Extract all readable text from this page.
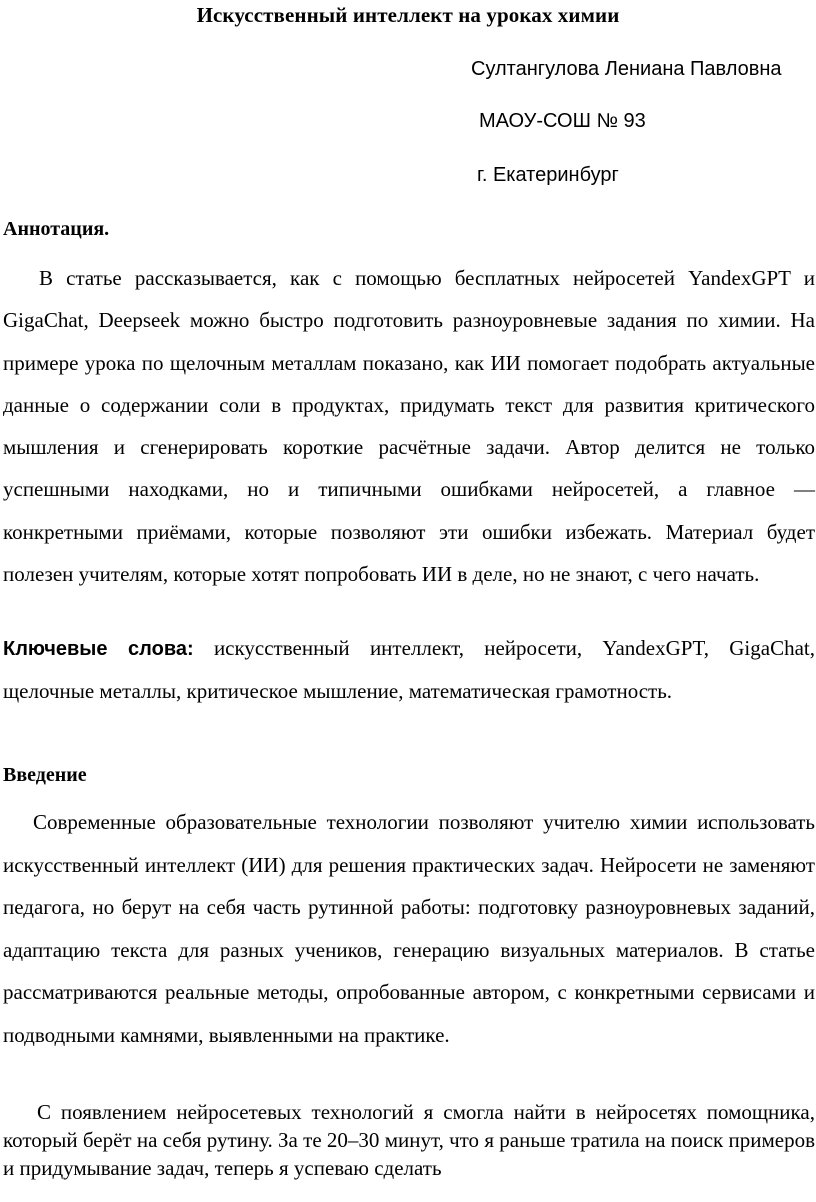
Искусственный интеллект на уроках химии
Султангулова Лениана Павловна
МАОУ-СОШ № 93
г. Екатеринбург
Аннотация.
В статье рассказывается, как с помощью бесплатных нейросетей YandexGPT и GigaChat, Deepseek можно быстро подготовить разноуровневые задания по химии. На примере урока по щелочным металлам показано, как ИИ помогает подобрать актуальные данные о содержании соли в продуктах, придумать текст для развития критического мышления и сгенерировать короткие расчётные задачи. Автор делится не только успешными находками, но и типичными ошибками нейросетей, а главное — конкретными приёмами, которые позволяют эти ошибки избежать. Материал будет полезен учителям, которые хотят попробовать ИИ в деле, но не знают, с чего начать.
Ключевые слова: искусственный интеллект, нейросети, YandexGPT, GigaChat, щелочные металлы, критическое мышление, математическая грамотность.
Введение
Современные образовательные технологии позволяют учителю химии использовать искусственный интеллект (ИИ) для решения практических задач. Нейросети не заменяют педагога, но берут на себя часть рутинной работы: подготовку разноуровневых заданий, адаптацию текста для разных учеников, генерацию визуальных материалов. В статье рассматриваются реальные методы, опробованные автором, с конкретными сервисами и подводными камнями, выявленными на практике.
С появлением нейросетевых технологий я смогла найти в нейросетях помощника, который берёт на себя рутину. За те 20–30 минут, что я раньше тратила на поиск примеров и придумывание задач, теперь я успеваю сделать
